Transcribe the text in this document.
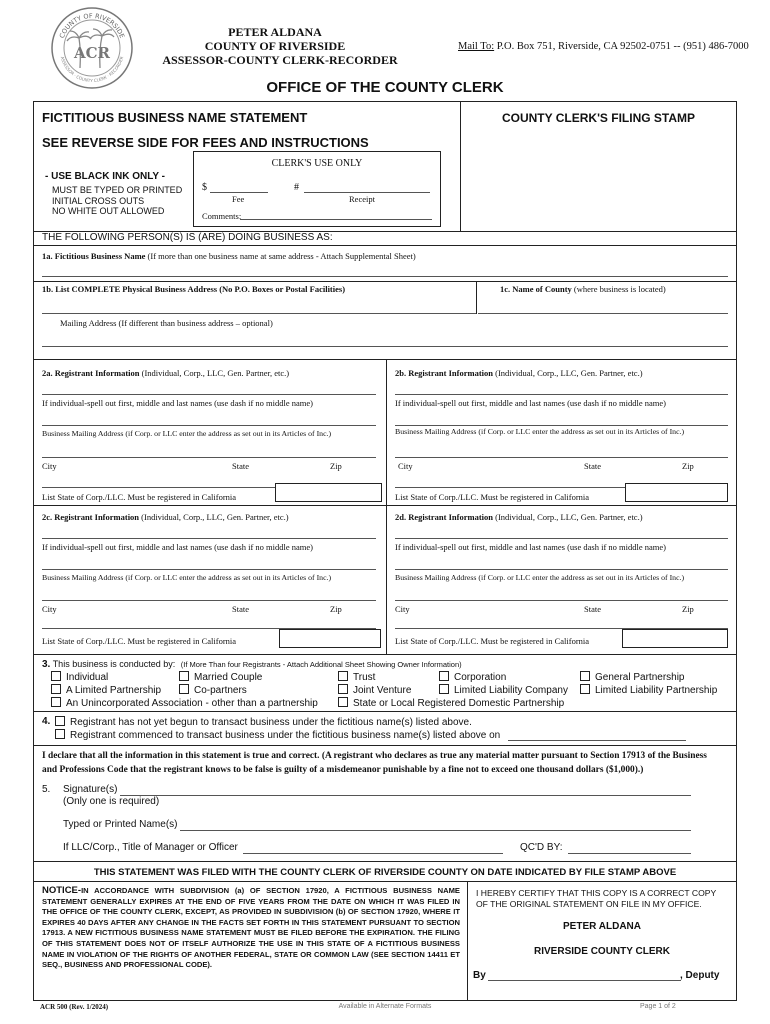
COUNTY OF RIVERSIDE
ASSESSOR · COUNTY CLERK · RECORDER
ACR
PETER ALDANA
COUNTY OF RIVERSIDE
ASSESSOR-COUNTY CLERK-RECORDER
Mail To: P.O. Box 751, Riverside, CA 92502-0751 -- (951) 486-7000
OFFICE OF THE COUNTY CLERK
FICTITIOUS BUSINESS NAME STATEMENT	COUNTY CLERK'S FILING STAMP
SEE REVERSE SIDE FOR FEES AND INSTRUCTIONS
- USE BLACK INK ONLY -
MUST BE TYPED OR PRINTED
INITIAL CROSS OUTS
NO WHITE OUT ALLOWED
CLERK'S USE ONLY
$
Fee
#
Receipt
Comments:
THE FOLLOWING PERSON(S) IS (ARE) DOING BUSINESS AS:
1a. Fictitious Business Name (If more than one business name at same address - Attach Supplemental Sheet)
1b. List COMPLETE Physical Business Address (No P.O. Boxes or Postal Facilities)	1c. Name of County (where business is located)
Mailing Address (If different than business address – optional)
2a. Registrant Information (Individual, Corp., LLC, Gen. Partner, etc.)
If individual-spell out first, middle and last names (use dash if no middle name)
Business Mailing Address (if Corp. or LLC enter the address as set out in its Articles of Inc.)
City	State	Zip
List State of Corp./LLC. Must be registered in California
2b. Registrant Information (Individual, Corp., LLC, Gen. Partner, etc.)
If individual-spell out first, middle and last names (use dash if no middle name)
Business Mailing Address (if Corp. or LLC enter the address as set out in its Articles of Inc.)
City	State	Zip
List State of Corp./LLC. Must be registered in California
2c. Registrant Information (Individual, Corp., LLC, Gen. Partner, etc.)
If individual-spell out first, middle and last names (use dash if no middle name)
Business Mailing Address (if Corp. or LLC enter the address as set out in its Articles of Inc.)
City	State	Zip
List State of Corp./LLC. Must be registered in California
2d. Registrant Information (Individual, Corp., LLC, Gen. Partner, etc.)
If individual-spell out first, middle and last names (use dash if no middle name)
Business Mailing Address (if Corp. or LLC enter the address as set out in its Articles of Inc.)
City	State	Zip
List State of Corp./LLC. Must be registered in California
3. This business is conducted by: (If More Than four Registrants - Attach Additional Sheet Showing Owner Information)
Individual	Married Couple	Trust	Corporation	General Partnership
A Limited Partnership	Co-partners	Joint Venture	Limited Liability Company	Limited Liability Partnership
An Unincorporated Association - other than a partnership	State or Local Registered Domestic Partnership
4.	Registrant has not yet begun to transact business under the fictitious name(s) listed above.
Registrant commenced to transact business under the fictitious business name(s) listed above on
I declare that all the information in this statement is true and correct. (A registrant who declares as true any material matter pursuant to Section 17913 of the Business and Professions Code that the registrant knows to be false is guilty of a misdemeanor punishable by a fine not to exceed one thousand dollars ($1,000).)
5. Signature(s)
(Only one is required)
Typed or Printed Name(s)
If LLC/Corp., Title of Manager or Officer	QC'D BY:
THIS STATEMENT WAS FILED WITH THE COUNTY CLERK OF RIVERSIDE COUNTY ON DATE INDICATED BY FILE STAMP ABOVE
NOTICE-IN ACCORDANCE WITH SUBDIVISION (a) OF SECTION 17920, A FICTITIOUS BUSINESS NAME STATEMENT GENERALLY EXPIRES AT THE END OF FIVE YEARS FROM THE DATE ON WHICH IT WAS FILED IN THE OFFICE OF THE COUNTY CLERK, EXCEPT, AS PROVIDED IN SUBDIVISION (b) OF SECTION 17920, WHERE IT EXPIRES 40 DAYS AFTER ANY CHANGE IN THE FACTS SET FORTH IN THIS STATEMENT PURSUANT TO SECTION 17913. A NEW FICTITIOUS BUSINESS NAME STATEMENT MUST BE FILED BEFORE THE EXPIRATION. THE FILING OF THIS STATEMENT DOES NOT OF ITSELF AUTHORIZE THE USE IN THIS STATE OF A FICTITIOUS BUSINESS NAME IN VIOLATION OF THE RIGHTS OF ANOTHER FEDERAL, STATE OR COMMON LAW (SEE SECTION 14411 ET SEQ., BUSINESS AND PROFESSIONAL CODE).
I HEREBY CERTIFY THAT THIS COPY IS A CORRECT COPY OF THE ORIGINAL STATEMENT ON FILE IN MY OFFICE.
PETER ALDANA
RIVERSIDE COUNTY CLERK
By	, Deputy
ACR 500 (Rev. 1/2024)	Available in Alternate Formats	Page 1 of 2
